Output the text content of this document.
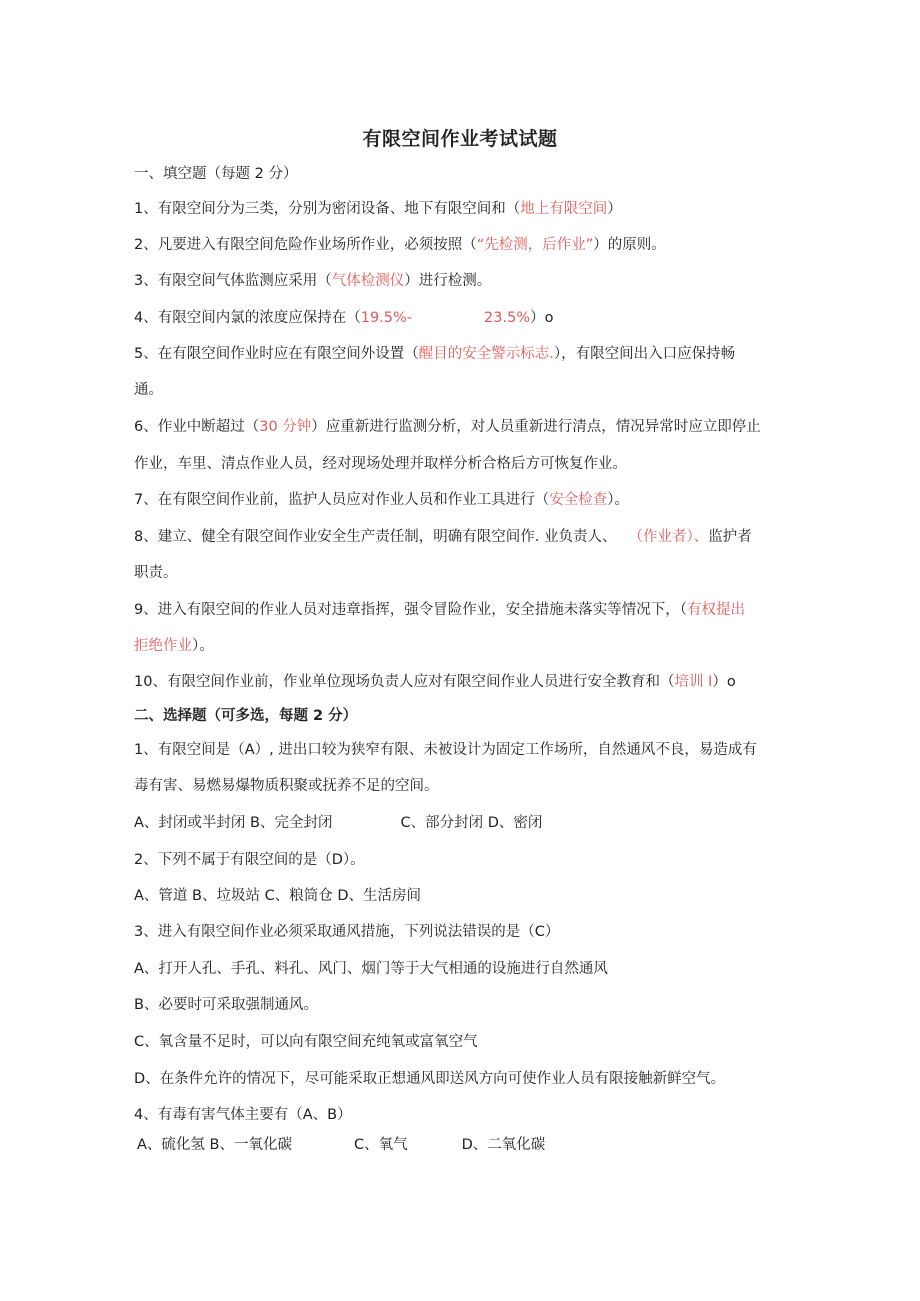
有限空间作业考试试题
一、填空题（每题 2 分）
1、有限空间分为三类，分别为密闭设备、地下有限空间和（地上有限空间）
2、凡要进入有限空间危险作业场所作业，必须按照（“先检测，后作业”）的原则。
3、有限空间气体监测应采用（气体检测仪）进行检测。
4、有限空间内氯的浓度应保持在（19.5%-	23.5%）o
5、在有限空间作业时应在有限空间外设置（醒目的安全警示标志.），有限空间出入口应保持畅
通。
6、作业中断超过（30 分钟）应重新进行监测分析，对人员重新进行清点，情况异常时应立即停止
作业，车里、清点作业人员，经对现场处理并取样分析合格后方可恢复作业。
7、在有限空间作业前，监护人员应对作业人员和作业工具进行（安全检查）。
8、建立、健全有限空间作业安全生产责任制，明确有限空间作. 业负责人、 （作业者）、监护者
职责。
9、进入有限空间的作业人员对违章指挥，强令冒险作业，安全措施未落实等情况下，（有权提出
拒绝作业）。
10、有限空间作业前，作业单位现场负责人应对有限空间作业人员进行安全教育和（培训 I）o
二、选择题（可多选，每题 2 分）
1、有限空间是（A）, 进出口较为狭窄有限、未被设计为固定工作场所，自然通风不良，易造成有
毒有害、易燃易爆物质积聚或抚养不足的空间。
A、封闭或半封闭 B、完全封闭	C、部分封闭 D、密闭
2、下列不属于有限空间的是（D）。
A、管道 B、垃圾站 C、粮筒仓 D、生活房间
3、进入有限空间作业必须采取通风措施，下列说法错误的是（C）
A、打开人孔、手孔、料孔、风门、烟门等于大气相通的设施进行自然通风
B、必要时可采取强制通风。
C、氧含量不足时，可以向有限空间充纯氧或富氧空气
D、在条件允许的情况下，尽可能采取正想通风即送风方向可使作业人员有限接触新鲜空气。
4、有毒有害气体主要有（A、B）
A、硫化氢 B、一氧化碳	C、氧气	D、二氧化碳
